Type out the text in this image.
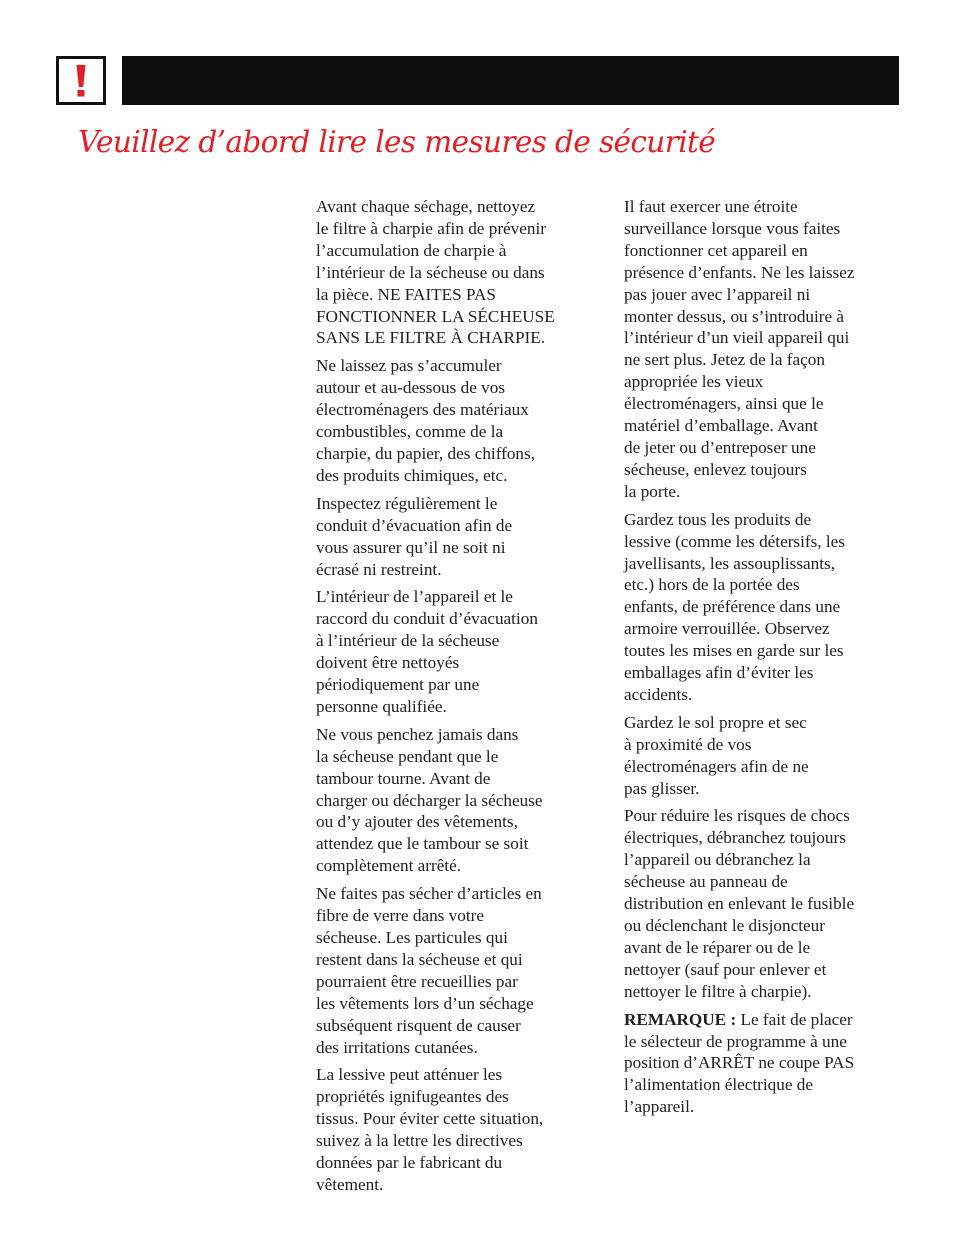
Veuillez d’abord lire les mesures de sécurité
Avant chaque séchage, nettoyez
le filtre à charpie afin de prévenir
l’accumulation de charpie à
l’intérieur de la sécheuse ou dans
la pièce. NE FAITES PAS
FONCTIONNER LA SÉCHEUSE
SANS LE FILTRE À CHARPIE.
Ne laissez pas s’accumuler
autour et au-dessous de vos
électroménagers des matériaux
combustibles, comme de la
charpie, du papier, des chiffons,
des produits chimiques, etc.
Inspectez régulièrement le
conduit d’évacuation afin de
vous assurer qu’il ne soit ni
écrasé ni restreint.
L’intérieur de l’appareil et le
raccord du conduit d’évacuation
à l’intérieur de la sécheuse
doivent être nettoyés
périodiquement par une
personne qualifiée.
Ne vous penchez jamais dans
la sécheuse pendant que le
tambour tourne. Avant de
charger ou décharger la sécheuse
ou d’y ajouter des vêtements,
attendez que le tambour se soit
complètement arrêté.
Ne faites pas sécher d’articles en
fibre de verre dans votre
sécheuse. Les particules qui
restent dans la sécheuse et qui
pourraient être recueillies par
les vêtements lors d’un séchage
subséquent risquent de causer
des irritations cutanées.
La lessive peut atténuer les
propriétés ignifugeantes des
tissus. Pour éviter cette situation,
suivez à la lettre les directives
données par le fabricant du
vêtement.
Il faut exercer une étroite
surveillance lorsque vous faites
fonctionner cet appareil en
présence d’enfants. Ne les laissez
pas jouer avec l’appareil ni
monter dessus, ou s’introduire à
l’intérieur d’un vieil appareil qui
ne sert plus. Jetez de la façon
appropriée les vieux
électroménagers, ainsi que le
matériel d’emballage. Avant
de jeter ou d’entreposer une
sécheuse, enlevez toujours
la porte.
Gardez tous les produits de
lessive (comme les détersifs, les
javellisants, les assouplissants,
etc.) hors de la portée des
enfants, de préférence dans une
armoire verrouillée. Observez
toutes les mises en garde sur les
emballages afin d’éviter les
accidents.
Gardez le sol propre et sec
à proximité de vos
électroménagers afin de ne
pas glisser.
Pour réduire les risques de chocs
électriques, débranchez toujours
l’appareil ou débranchez la
sécheuse au panneau de
distribution en enlevant le fusible
ou déclenchant le disjoncteur
avant de le réparer ou de le
nettoyer (sauf pour enlever et
nettoyer le filtre à charpie).
REMARQUE : Le fait de placer
le sélecteur de programme à une
position d’ARRÊT ne coupe PAS
l’alimentation électrique de
l’appareil.
